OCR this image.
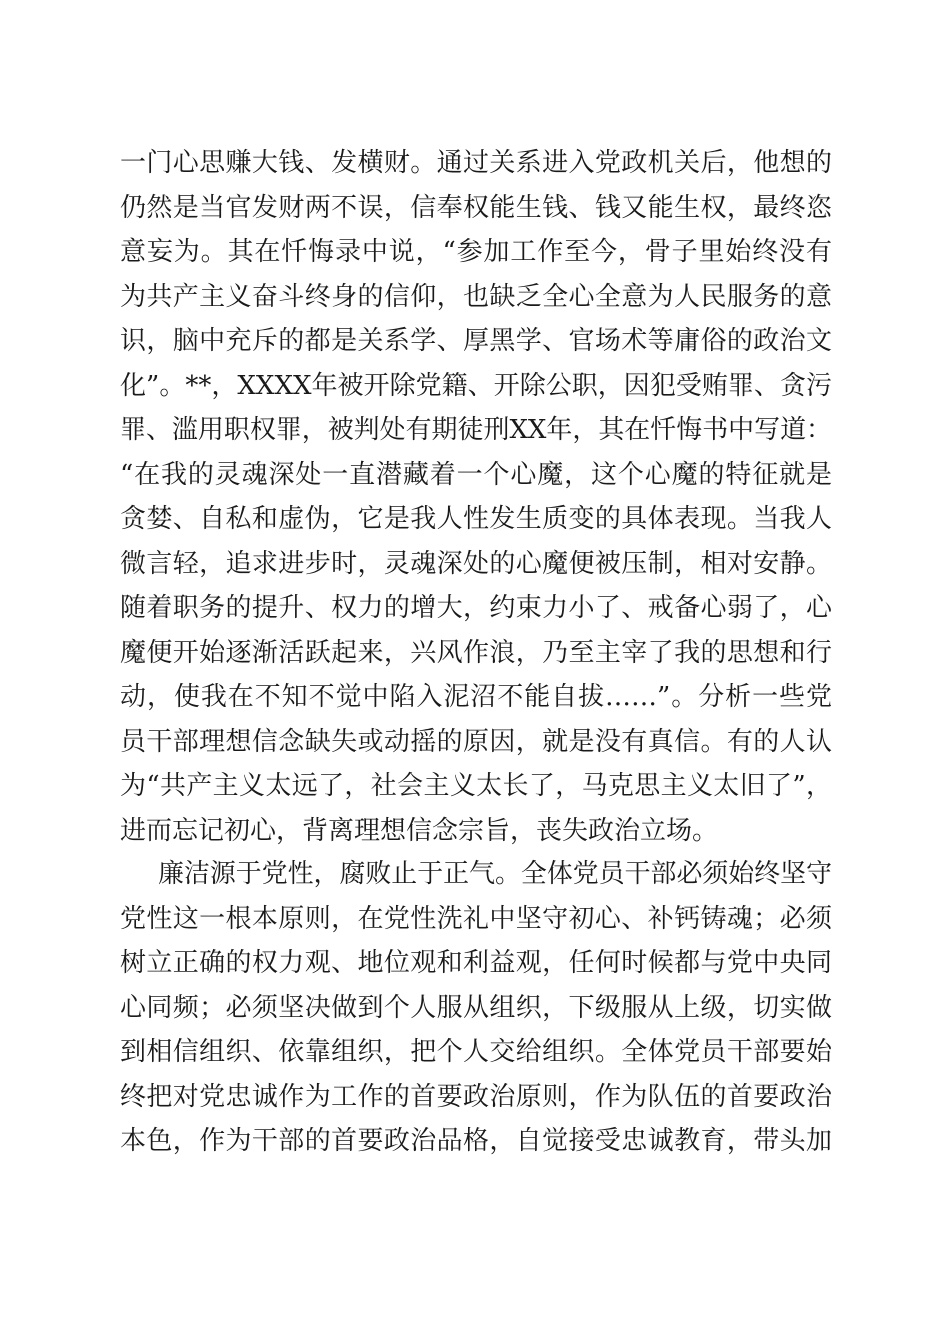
一门心思赚大钱、发横财。通过关系进入党政机关后，他想的
仍然是当官发财两不误，信奉权能生钱、钱又能生权，最终恣
意妄为。其在忏悔录中说，“参加工作至今，骨子里始终没有
为共产主义奋斗终身的信仰，也缺乏全心全意为人民服务的意
识，脑中充斥的都是关系学、厚黑学、官场术等庸俗的政治文
化”。**，XXXX年被开除党籍、开除公职，因犯受贿罪、贪污
罪、滥用职权罪，被判处有期徒刑XX年，其在忏悔书中写道：
“在我的灵魂深处一直潜藏着一个心魔，这个心魔的特征就是
贪婪、自私和虚伪，它是我人性发生质变的具体表现。当我人
微言轻，追求进步时，灵魂深处的心魔便被压制，相对安静。
随着职务的提升、权力的增大，约束力小了、戒备心弱了，心
魔便开始逐渐活跃起来，兴风作浪，乃至主宰了我的思想和行
动，使我在不知不觉中陷入泥沼不能自拔……”。分析一些党
员干部理想信念缺失或动摇的原因，就是没有真信。有的人认
为“共产主义太远了，社会主义太长了，马克思主义太旧了”，
进而忘记初心，背离理想信念宗旨，丧失政治立场。
廉洁源于党性，腐败止于正气。全体党员干部必须始终坚守
党性这一根本原则，在党性洗礼中坚守初心、补钙铸魂；必须
树立正确的权力观、地位观和利益观，任何时候都与党中央同
心同频；必须坚决做到个人服从组织，下级服从上级，切实做
到相信组织、依靠组织，把个人交给组织。全体党员干部要始
终把对党忠诚作为工作的首要政治原则，作为队伍的首要政治
本色，作为干部的首要政治品格，自觉接受忠诚教育，带头加
